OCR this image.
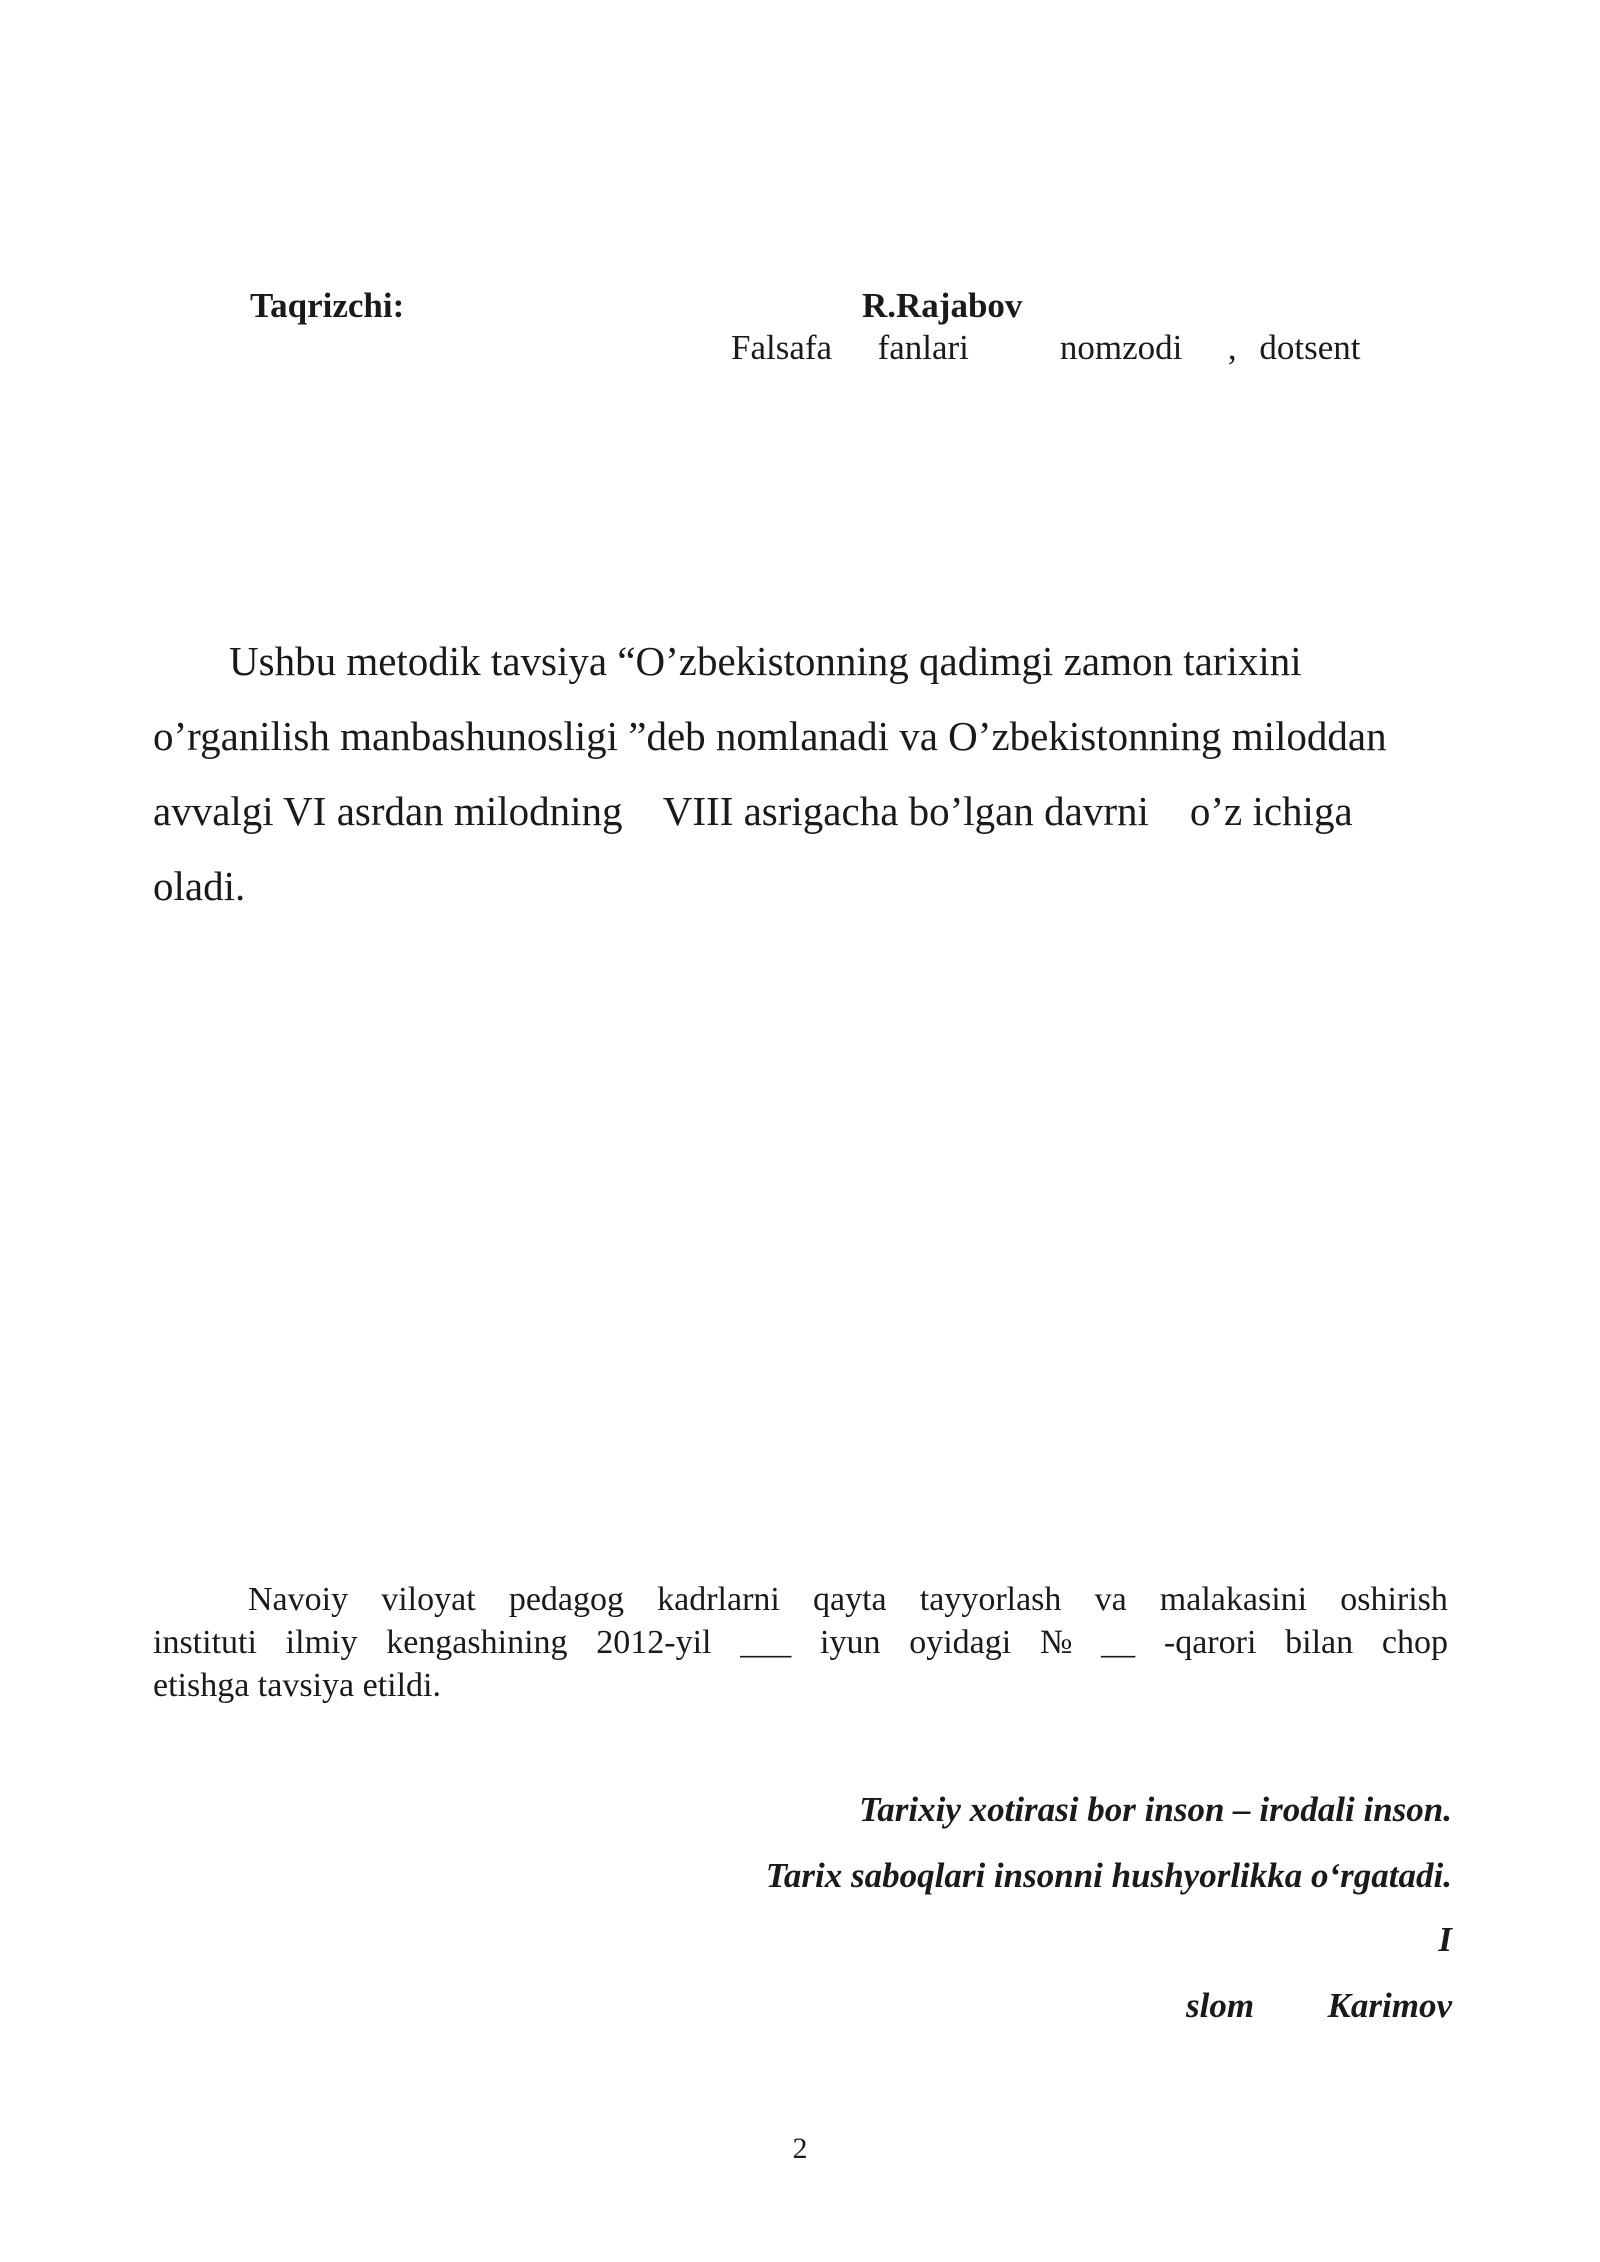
Taqrizchi:	R.Rajabov
Falsafa  fanlari    nomzodi  , dotsent
Ushbu metodik tavsiya “O’zbekistonning qadimgi zamon tarixini
o’rganilish manbashunosligi ”deb nomlanadi va O’zbekistonning miloddan
avvalgi VI asrdan milodning    VIII asrigacha bo’lgan davrni    o’z ichiga
oladi.
Navoiy viloyat pedagog kadrlarni qayta tayyorlash va malakasini oshirish
instituti ilmiy kengashining 2012-yil ___ iyun oyidagi № __ -qarori bilan chop
etishga tavsiya etildi.
Tarixiy xotirasi bor inson – irodali inson.
Tarix saboqlari insonni hushyorlikka o‘rgatadi.
I
slom  Karimov
2
